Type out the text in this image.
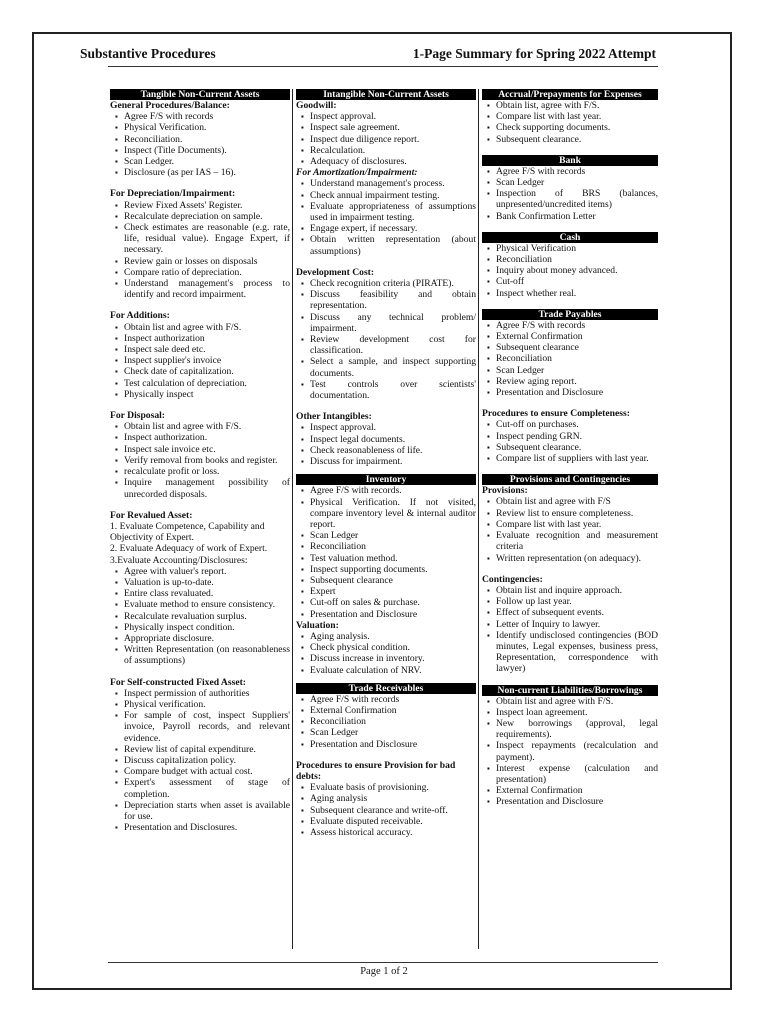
Substantive Procedures	1-Page Summary for Spring 2022 Attempt
Tangible Non-Current Assets
General Procedures/Balance:
▪ Agree F/S with records
▪ Physical Verification.
▪ Reconciliation.
▪ Inspect (Title Documents).
▪ Scan Ledger.
▪ Disclosure (as per IAS – 16).
For Depreciation/Impairment:
▪ Review Fixed Assets' Register.
▪ Recalculate depreciation on sample.
▪ Check estimates are reasonable (e.g. rate, life, residual value). Engage Expert, if necessary.
▪ Review gain or losses on disposals
▪ Compare ratio of depreciation.
▪ Understand management's process to identify and record impairment.
For Additions:
▪ Obtain list and agree with F/S.
▪ Inspect authorization
▪ Inspect sale deed etc.
▪ Inspect supplier's invoice
▪ Check date of capitalization.
▪ Test calculation of depreciation.
▪ Physically inspect
For Disposal:
▪ Obtain list and agree with F/S.
▪ Inspect authorization.
▪ Inspect sale invoice etc.
▪ Verify removal from books and register.
▪ recalculate profit or loss.
▪ Inquire management possibility of unrecorded disposals.
For Revalued Asset:
1. Evaluate Competence, Capability and Objectivity of Expert.
2. Evaluate Adequacy of work of Expert.
3.Evaluate Accounting/Disclosures:
▪ Agree with valuer's report.
▪ Valuation is up-to-date.
▪ Entire class revaluated.
▪ Evaluate method to ensure consistency.
▪ Recalculate revaluation surplus.
▪ Physically inspect condition.
▪ Appropriate disclosure.
▪ Written Representation (on reasonableness of assumptions)
For Self-constructed Fixed Asset:
▪ Inspect permission of authorities
▪ Physical verification.
▪ For sample of cost, inspect Suppliers' invoice, Payroll records, and relevant evidence.
▪ Review list of capital expenditure.
▪ Discuss capitalization policy.
▪ Compare budget with actual cost.
▪ Expert's assessment of stage of completion.
▪ Depreciation starts when asset is available for use.
▪ Presentation and Disclosures.
Intangible Non-Current Assets
Goodwill:
▪ Inspect approval.
▪ Inspect sale agreement.
▪ Inspect due diligence report.
▪ Recalculation.
▪ Adequacy of disclosures.
For Amortization/Impairment:
▪ Understand management's process.
▪ Check annual impairment testing.
▪ Evaluate appropriateness of assumptions used in impairment testing.
▪ Engage expert, if necessary.
▪ Obtain written representation (about assumptions)
Development Cost:
▪ Check recognition criteria (PIRATE).
▪ Discuss feasibility and obtain representation.
▪ Discuss any technical problem/ impairment.
▪ Review development cost for classification.
▪ Select a sample, and inspect supporting documents.
▪ Test controls over scientists' documentation.
Other Intangibles:
▪ Inspect approval.
▪ Inspect legal documents.
▪ Check reasonableness of life.
▪ Discuss for impairment.
Inventory
▪ Agree F/S with records.
▪ Physical Verification. If not visited, compare inventory level & internal auditor report.
▪ Scan Ledger
▪ Reconciliation
▪ Test valuation method.
▪ Inspect supporting documents.
▪ Subsequent clearance
▪ Expert
▪ Cut-off on sales & purchase.
▪ Presentation and Disclosure
Valuation:
▪ Aging analysis.
▪ Check physical condition.
▪ Discuss increase in inventory.
▪ Evaluate calculation of NRV.
Trade Receivables
▪ Agree F/S with records
▪ External Confirmation
▪ Reconciliation
▪ Scan Ledger
▪ Presentation and Disclosure
Procedures to ensure Provision for bad debts:
▪ Evaluate basis of provisioning.
▪ Aging analysis
▪ Subsequent clearance and write-off.
▪ Evaluate disputed receivable.
▪ Assess historical accuracy.
Accrual/Prepayments for Expenses
▪ Obtain list, agree with F/S.
▪ Compare list with last year.
▪ Check supporting documents.
▪ Subsequent clearance.
Bank
▪ Agree F/S with records
▪ Scan Ledger
▪ Inspection of BRS (balances, unpresented/uncredited items)
▪ Bank Confirmation Letter
Cash
▪ Physical Verification
▪ Reconciliation
▪ Inquiry about money advanced.
▪ Cut-off
▪ Inspect whether real.
Trade Payables
▪ Agree F/S with records
▪ External Confirmation
▪ Subsequent clearance
▪ Reconciliation
▪ Scan Ledger
▪ Review aging report.
▪ Presentation and Disclosure
Procedures to ensure Completeness:
▪ Cut-off on purchases.
▪ Inspect pending GRN.
▪ Subsequent clearance.
▪ Compare list of suppliers with last year.
Provisions and Contingencies
Provisions:
▪ Obtain list and agree with F/S
▪ Review list to ensure completeness.
▪ Compare list with last year.
▪ Evaluate recognition and measurement criteria
▪ Written representation (on adequacy).
Contingencies:
▪ Obtain list and inquire approach.
▪ Follow up last year.
▪ Effect of subsequent events.
▪ Letter of Inquiry to lawyer.
▪ Identify undisclosed contingencies (BOD minutes, Legal expenses, business press, Representation, correspondence with lawyer)
Non-current Liabilities/Borrowings
▪ Obtain list and agree with F/S.
▪ Inspect loan agreement.
▪ New borrowings (approval, legal requirements).
▪ Inspect repayments (recalculation and payment).
▪ Interest expense (calculation and presentation)
▪ External Confirmation
▪ Presentation and Disclosure
Page 1 of 2
